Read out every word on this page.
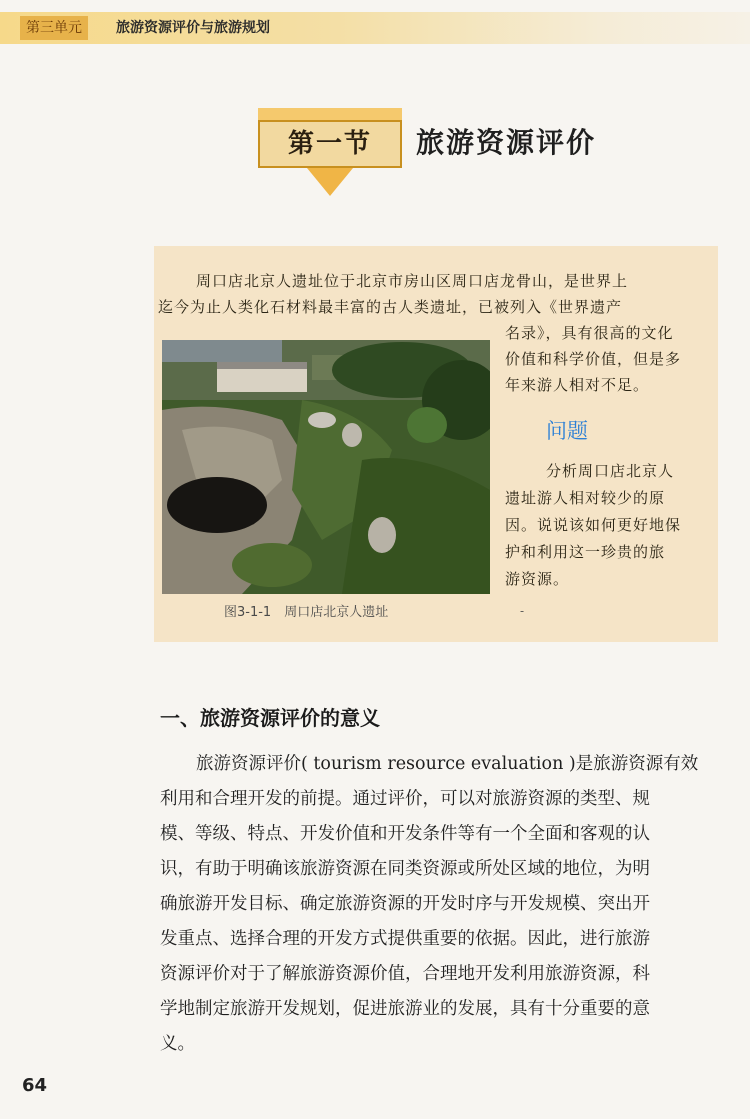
第三单元	旅游资源评价与旅游规划
第一节	旅游资源评价
周口店北京人遗址位于北京市房山区周口店龙骨山，是世界上
迄今为止人类化石材料最丰富的古人类遗址，已被列入《世界遗产
名录》，具有很高的文化
价值和科学价值，但是多
年来游人相对不足。
图3-1-1　周口店北京人遗址
问题
分析周口店北京人
遗址游人相对较少的原
因。说说该如何更好地保
护和利用这一珍贵的旅
游资源。
-
一、旅游资源评价的意义
旅游资源评价( tourism resource evaluation )是旅游资源有效
利用和合理开发的前提。通过评价，可以对旅游资源的类型、规
模、等级、特点、开发价值和开发条件等有一个全面和客观的认
识，有助于明确该旅游资源在同类资源或所处区域的地位，为明
确旅游开发目标、确定旅游资源的开发时序与开发规模、突出开
发重点、选择合理的开发方式提供重要的依据。因此，进行旅游
资源评价对于了解旅游资源价值，合理地开发利用旅游资源，科
学地制定旅游开发规划，促进旅游业的发展，具有十分重要的意
义。
64
